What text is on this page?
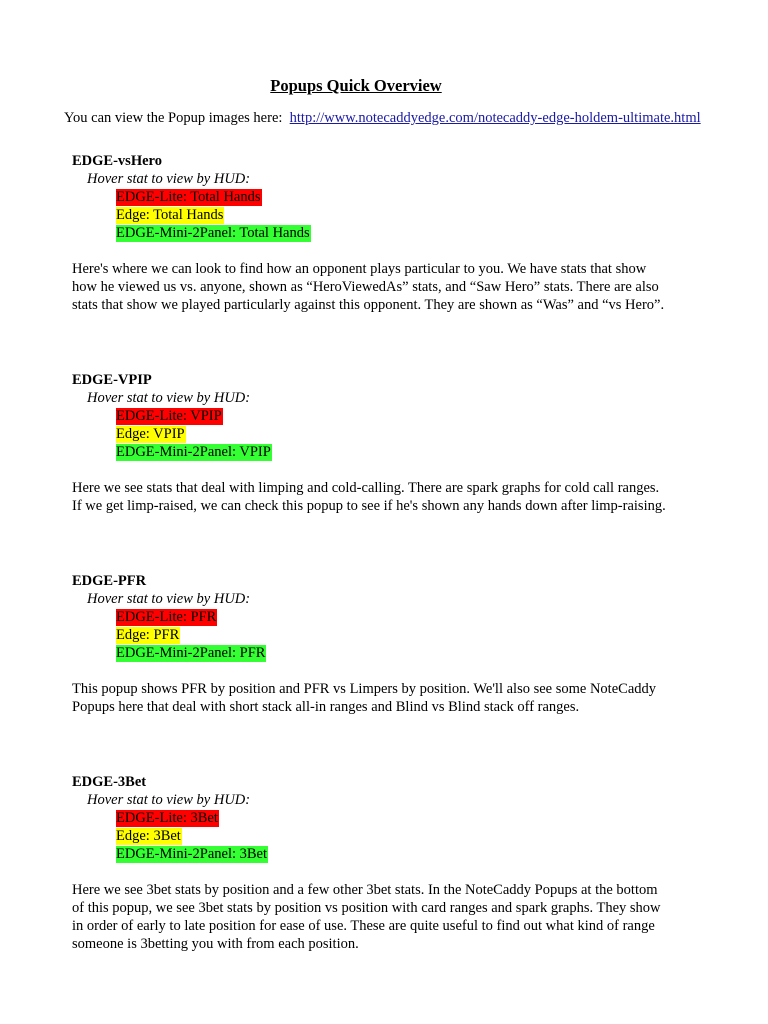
Popups Quick Overview
You can view the Popup images here: http://www.notecaddyedge.com/notecaddy-edge-holdem-ultimate.html
EDGE-vsHero
Hover stat to view by HUD:
EDGE-Lite: Total Hands
Edge: Total Hands
EDGE-Mini-2Panel: Total Hands
Here's where we can look to find how an opponent plays particular to you. We have stats that show
how he viewed us vs. anyone, shown as “HeroViewedAs” stats, and “Saw Hero” stats. There are also
stats that show we played particularly against this opponent. They are shown as “Was” and “vs Hero”.
EDGE-VPIP
Hover stat to view by HUD:
EDGE-Lite: VPIP
Edge: VPIP
EDGE-Mini-2Panel: VPIP
Here we see stats that deal with limping and cold-calling. There are spark graphs for cold call ranges.
If we get limp-raised, we can check this popup to see if he's shown any hands down after limp-raising.
EDGE-PFR
Hover stat to view by HUD:
EDGE-Lite: PFR
Edge: PFR
EDGE-Mini-2Panel: PFR
This popup shows PFR by position and PFR vs Limpers by position. We'll also see some NoteCaddy
Popups here that deal with short stack all-in ranges and Blind vs Blind stack off ranges.
EDGE-3Bet
Hover stat to view by HUD:
EDGE-Lite: 3Bet
Edge: 3Bet
EDGE-Mini-2Panel: 3Bet
Here we see 3bet stats by position and a few other 3bet stats. In the NoteCaddy Popups at the bottom
of this popup, we see 3bet stats by position vs position with card ranges and spark graphs. They show
in order of early to late position for ease of use. These are quite useful to find out what kind of range
someone is 3betting you with from each position.
